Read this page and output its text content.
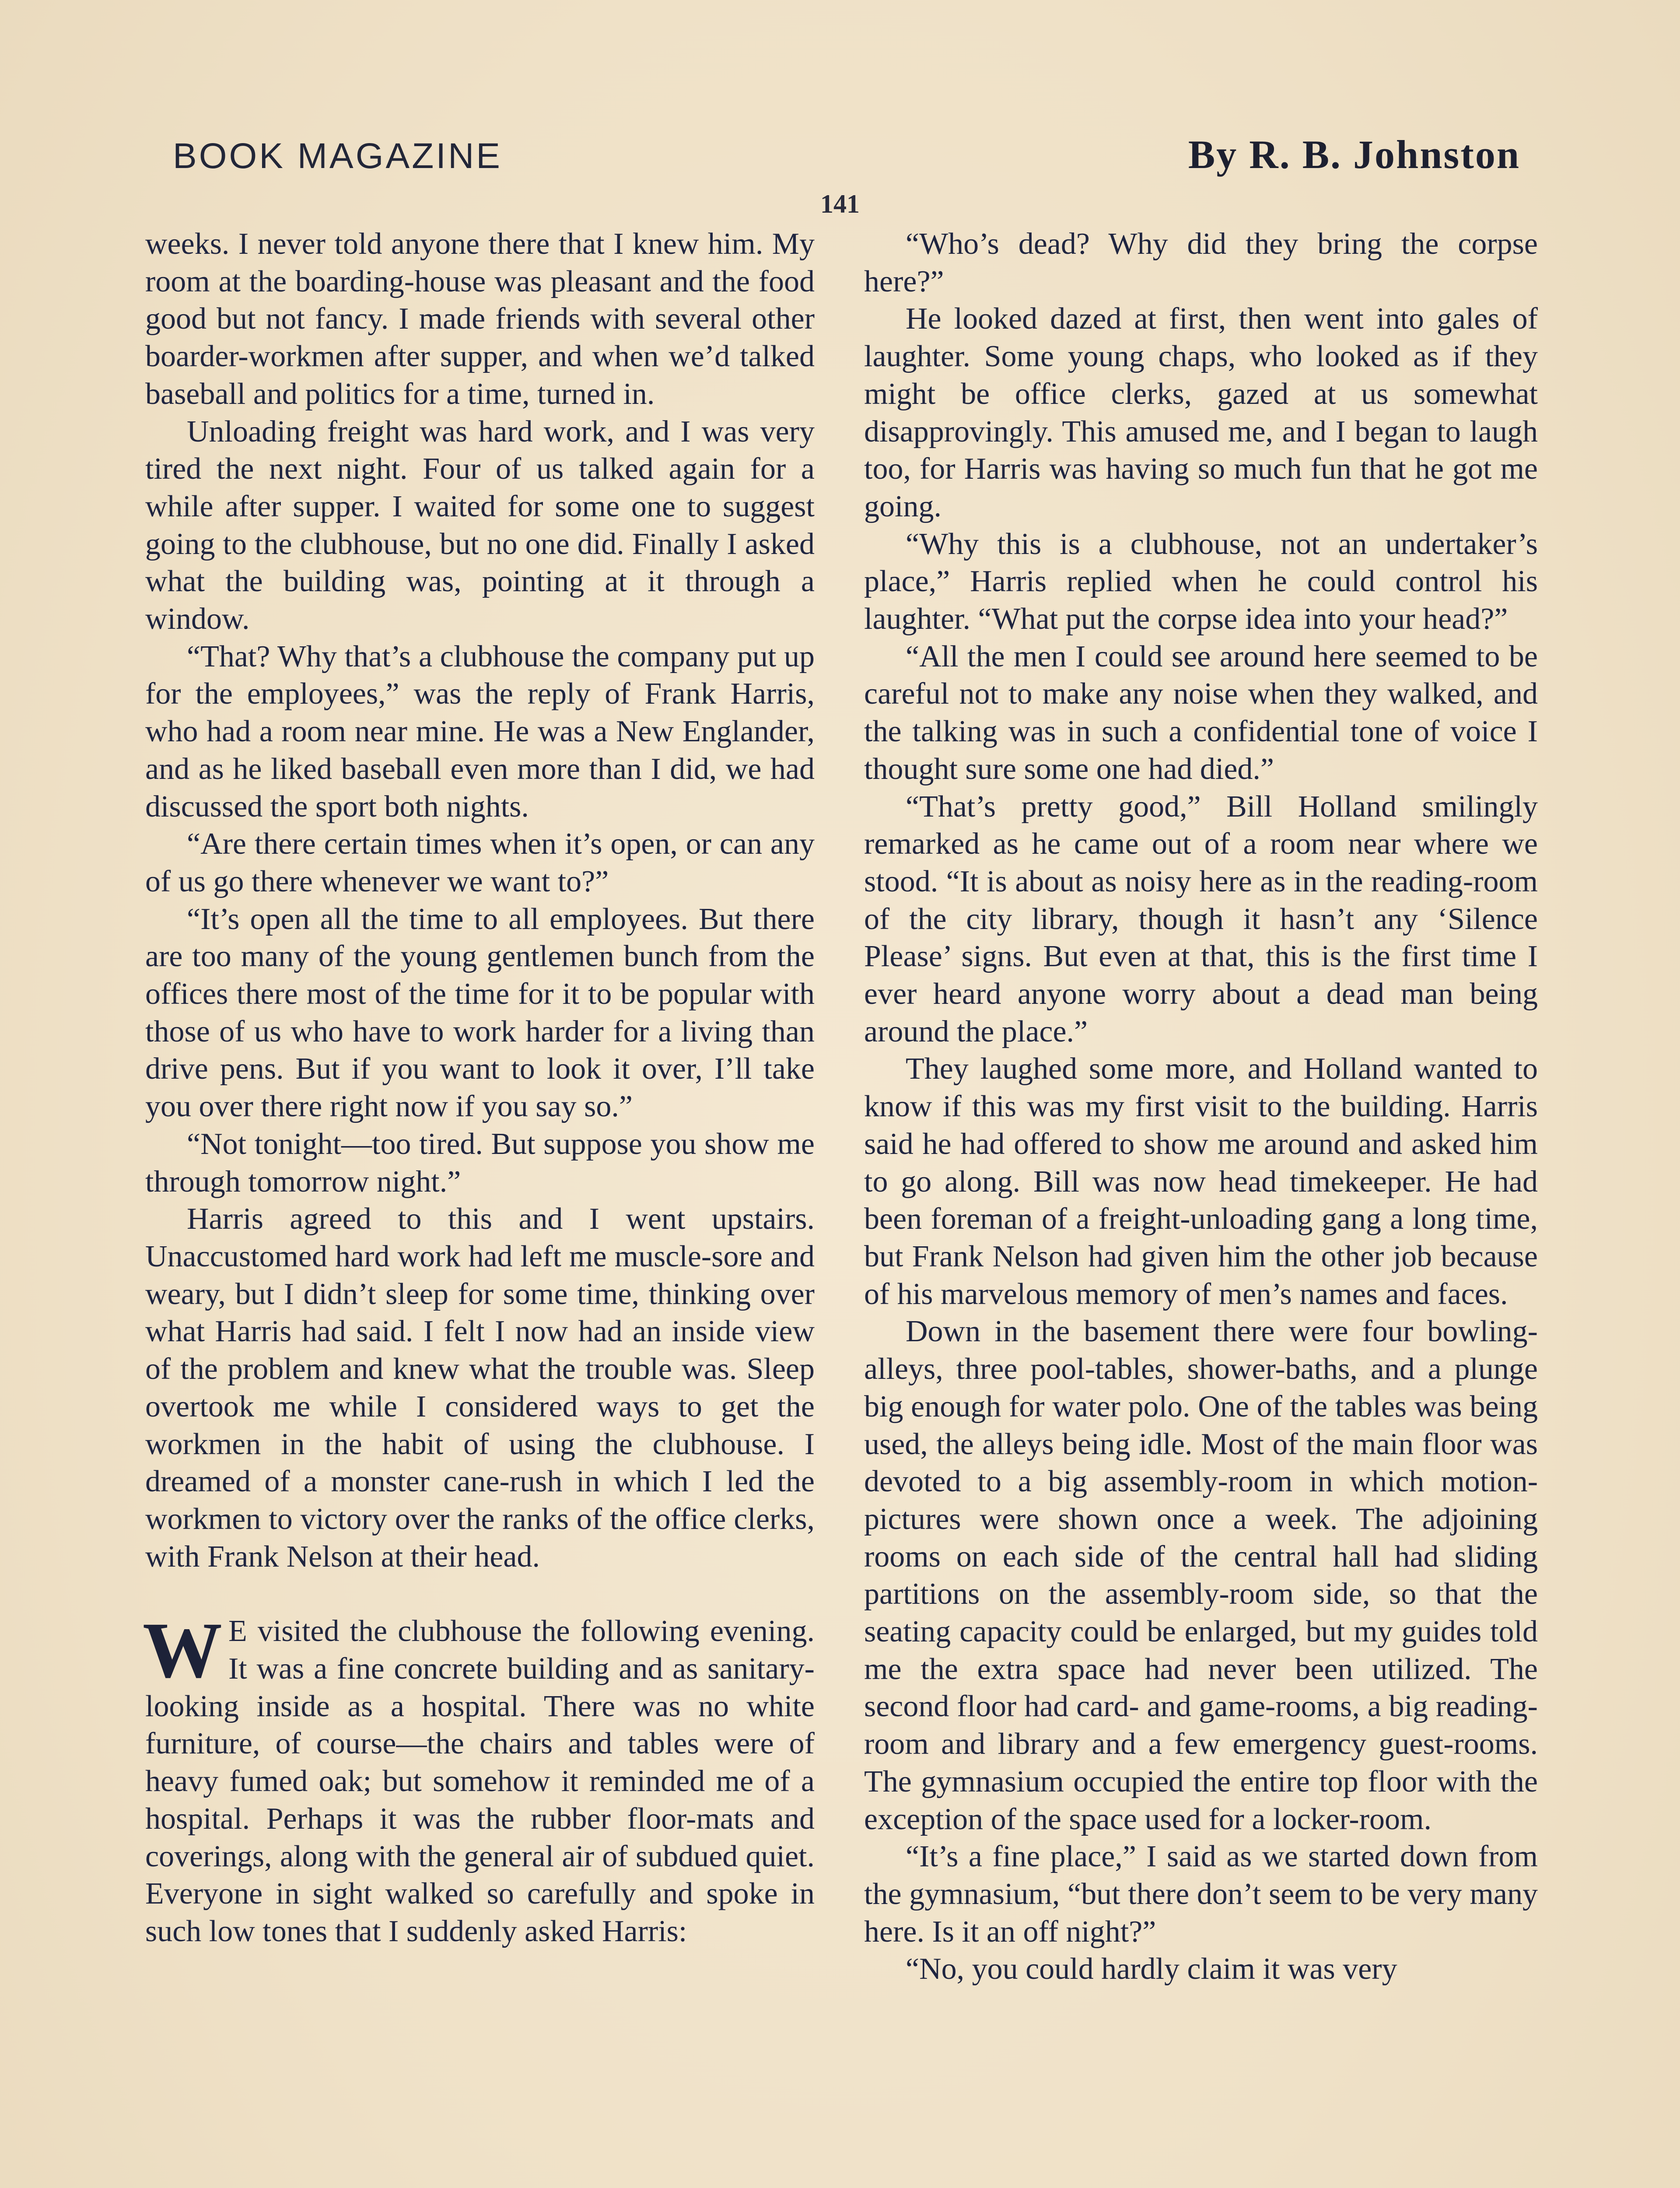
BOOK MAGAZINE	By R. B. Johnston
141

weeks. I never told anyone there that I knew him. My room at the boarding-house was pleasant and the food good but not fancy. I made friends with several other boarder-workmen after supper, and when we’d talked baseball and politics for a time, turned in.

Unloading freight was hard work, and I was very tired the next night. Four of us talked again for a while after supper. I waited for some one to suggest going to the clubhouse, but no one did. Finally I asked what the building was, pointing at it through a window.

“That? Why that’s a clubhouse the company put up for the employees,” was the reply of Frank Harris, who had a room near mine. He was a New Englander, and as he liked baseball even more than I did, we had discussed the sport both nights.

“Are there certain times when it’s open, or can any of us go there whenever we want to?”

“It’s open all the time to all employees. But there are too many of the young gentlemen bunch from the offices there most of the time for it to be popular with those of us who have to work harder for a living than drive pens. But if you want to look it over, I’ll take you over there right now if you say so.”

“Not tonight—too tired. But suppose you show me through tomorrow night.”

Harris agreed to this and I went upstairs. Unaccustomed hard work had left me muscle-sore and weary, but I didn’t sleep for some time, thinking over what Harris had said. I felt I now had an inside view of the problem and knew what the trouble was. Sleep overtook me while I considered ways to get the workmen in the habit of using the clubhouse. I dreamed of a monster cane-rush in which I led the workmen to victory over the ranks of the office clerks, with Frank Nelson at their head.

W E visited the clubhouse the following evening. It was a fine concrete building and as sanitary-looking inside as a hospital. There was no white furniture, of course—the chairs and tables were of heavy fumed oak; but somehow it reminded me of a hospital. Perhaps it was the rubber floor-mats and coverings, along with the general air of subdued quiet. Everyone in sight walked so carefully and spoke in such low tones that I suddenly asked Harris:

“Who’s dead? Why did they bring the corpse here?”

He looked dazed at first, then went into gales of laughter. Some young chaps, who looked as if they might be office clerks, gazed at us somewhat disapprovingly. This amused me, and I began to laugh too, for Harris was having so much fun that he got me going.

“Why this is a clubhouse, not an undertaker’s place,” Harris replied when he could control his laughter. “What put the corpse idea into your head?”

“All the men I could see around here seemed to be careful not to make any noise when they walked, and the talking was in such a confidential tone of voice I thought sure some one had died.”

“That’s pretty good,” Bill Holland smilingly remarked as he came out of a room near where we stood. “It is about as noisy here as in the reading-room of the city library, though it hasn’t any ‘Silence Please’ signs. But even at that, this is the first time I ever heard anyone worry about a dead man being around the place.”

They laughed some more, and Holland wanted to know if this was my first visit to the building. Harris said he had offered to show me around and asked him to go along. Bill was now head timekeeper. He had been foreman of a freight-unloading gang a long time, but Frank Nelson had given him the other job because of his marvelous memory of men’s names and faces.

Down in the basement there were four bowling-alleys, three pool-tables, shower-baths, and a plunge big enough for water polo. One of the tables was being used, the alleys being idle. Most of the main floor was devoted to a big assembly-room in which motion-pictures were shown once a week. The adjoining rooms on each side of the central hall had sliding partitions on the assembly-room side, so that the seating capacity could be enlarged, but my guides told me the extra space had never been utilized. The second floor had card- and game-rooms, a big reading-room and library and a few emergency guest-rooms. The gymnasium occupied the entire top floor with the exception of the space used for a locker-room.

“It’s a fine place,” I said as we started down from the gymnasium, “but there don’t seem to be very many here. Is it an off night?”

“No, you could hardly claim it was very
